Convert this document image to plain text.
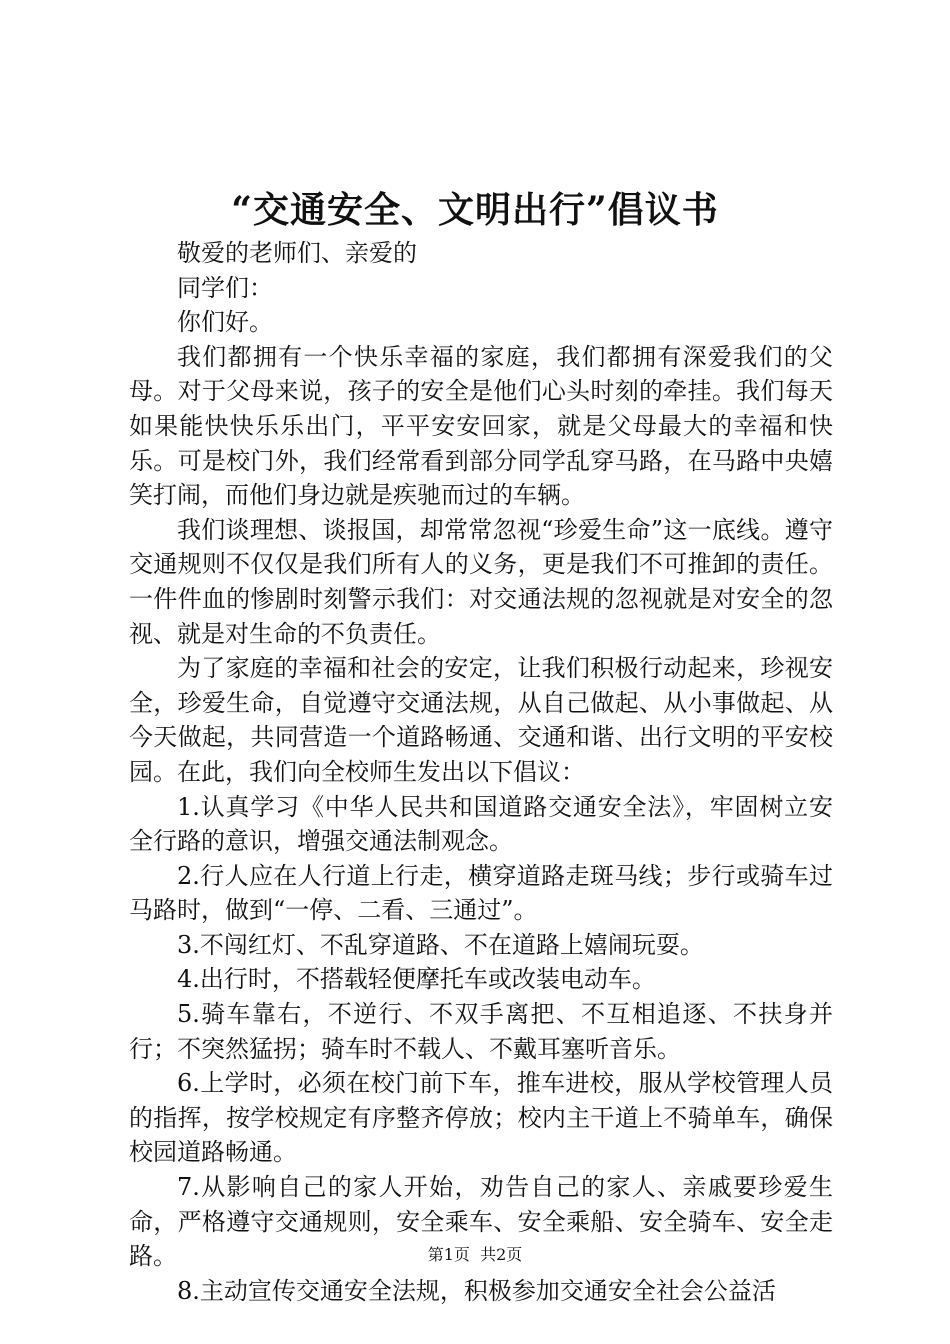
“交通安全、文明出行”倡议书

敬爱的老师们、亲爱的

同学们：

你们好。

我们都拥有一个快乐幸福的家庭，我们都拥有深爱我们的父母。对于父母来说，孩子的安全是他们心头时刻的牵挂。我们每天如果能快快乐乐出门，平平安安回家，就是父母最大的幸福和快乐。可是校门外，我们经常看到部分同学乱穿马路，在马路中央嬉笑打闹，而他们身边就是疾驰而过的车辆。

我们谈理想、谈报国，却常常忽视“珍爱生命”这一底线。遵守交通规则不仅仅是我们所有人的义务，更是我们不可推卸的责任。一件件血的惨剧时刻警示我们：对交通法规的忽视就是对安全的忽视、就是对生命的不负责任。

为了家庭的幸福和社会的安定，让我们积极行动起来，珍视安全，珍爱生命，自觉遵守交通法规，从自己做起、从小事做起、从今天做起，共同营造一个道路畅通、交通和谐、出行文明的平安校园。在此，我们向全校师生发出以下倡议：

1.认真学习《中华人民共和国道路交通安全法》，牢固树立安全行路的意识，增强交通法制观念。

2.行人应在人行道上行走，横穿道路走斑马线；步行或骑车过马路时，做到“一停、二看、三通过”。

3.不闯红灯、不乱穿道路、不在道路上嬉闹玩耍。

4.出行时，不搭载轻便摩托车或改装电动车。

5.骑车靠右，不逆行、不双手离把、不互相追逐、不扶身并行；不突然猛拐；骑车时不载人、不戴耳塞听音乐。

6.上学时，必须在校门前下车，推车进校，服从学校管理人员的指挥，按学校规定有序整齐停放；校内主干道上不骑单车，确保校园道路畅通。

7.从影响自己的家人开始，劝告自己的家人、亲戚要珍爱生命，严格遵守交通规则，安全乘车、安全乘船、安全骑车、安全走路。

8.主动宣传交通安全法规，积极参加交通安全社会公益活

第1页 共2页
